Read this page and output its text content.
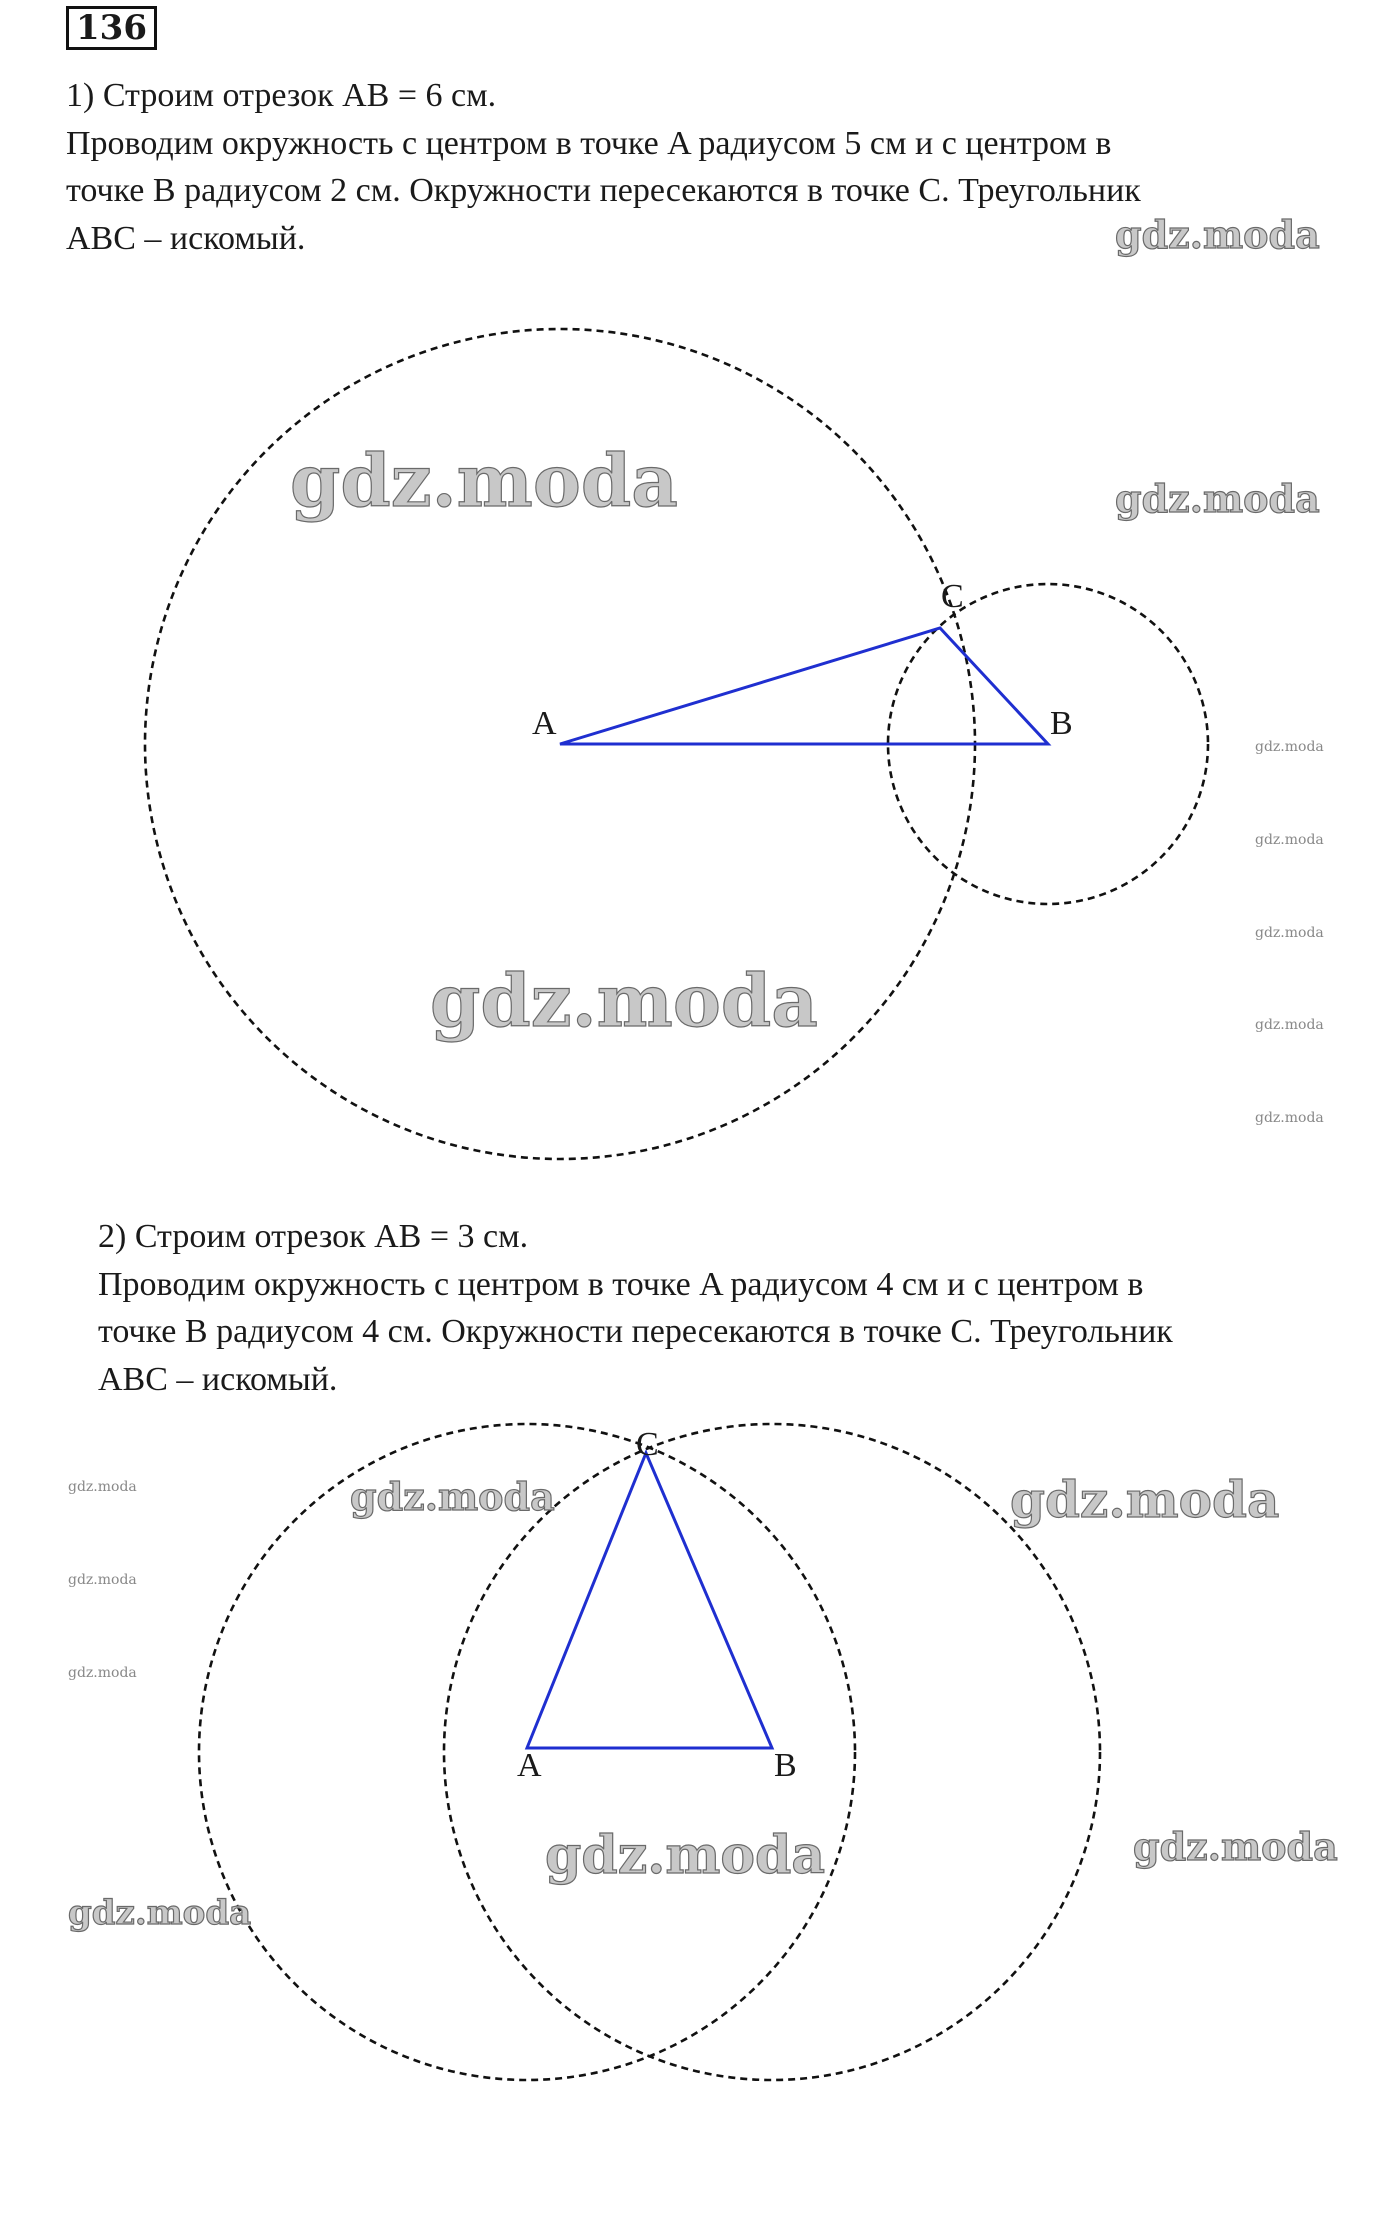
136

1) Строим отрезок AB = 6 см.

Проводим окружность с центром в точке A радиусом 5 см и с центром в

точке B радиусом 2 см. Окружности пересекаются в точке C. Треугольник

ABC – искомый.

2) Строим отрезок AB = 3 см.

Проводим окружность с центром в точке A радиусом 4 см и с центром в

точке B радиусом 4 см. Окружности пересекаются в точке C. Треугольник

ABC – искомый.

A	B
C
A	B
C
gdz.moda
gdz.moda	gdz.moda
gdz.moda
gdz.moda
gdz.moda
gdz.moda
gdz.moda
gdz.moda
gdz.moda	gdz.moda
gdz.moda
gdz.moda
gdz.moda
gdz.moda	gdz.moda
gdz.moda
